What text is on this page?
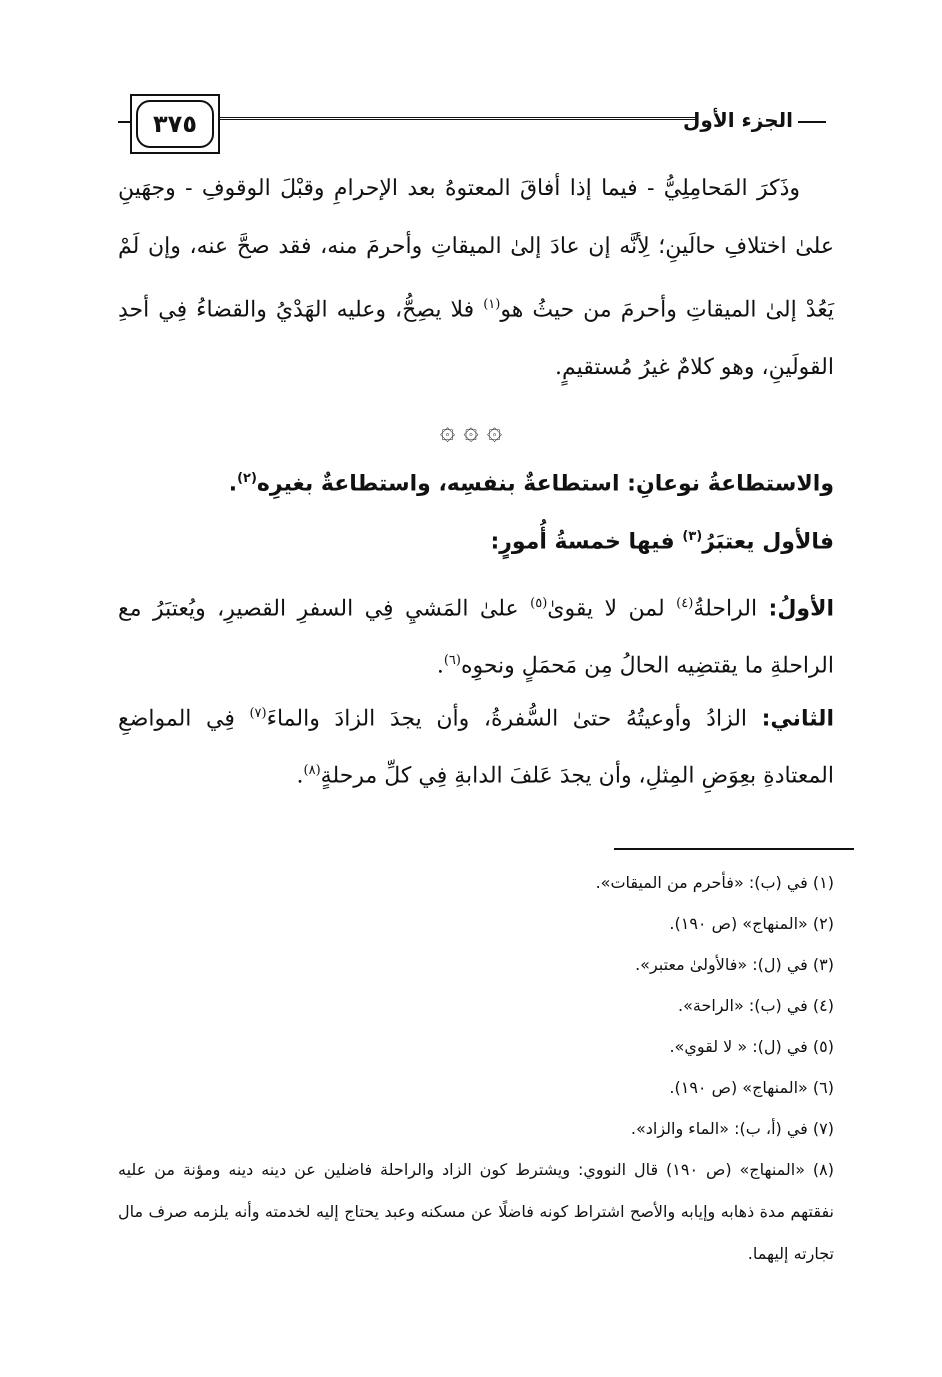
٣٧٥	الجزء الأول

وذَكرَ المَحامِلِيُّ - فيما إذا أفاقَ المعتوهُ بعد الإحرامِ وقبْلَ الوقوفِ - وجهَينِ علىٰ اختلافِ حالَينِ؛ لِأنَّه إن عادَ إلىٰ الميقاتِ وأحرمَ منه، فقد صحَّ عنه، وإن لَمْ يَعُدْ إلىٰ الميقاتِ وأحرمَ من حيثُ هو$^{(١)}$ فلا يصِحُّ، وعليه الهَدْيُ والقضاءُ فِي أحدِ القولَينِ، وهو كلامٌ غيرُ مُستقيمٍ.

۞ ۞ ۞
والاستطاعةُ نوعانِ: استطاعةٌ بنفسِه، واستطاعةٌ بغيرِه$^{(٢)}$.
فالأول يعتبَرُ$^{(٣)}$ فيها خمسةُ أُمورٍ:
الأولُ: الراحلةُ$^{(٤)}$ لمن لا يقوىٰ$^{(٥)}$ علىٰ المَشيِ فِي السفرِ القصيرِ، ويُعتبَرُ مع الراحلةِ ما يقتضِيه الحالُ مِن مَحمَلٍ ونحوِه$^{(٦)}$.
الثاني: الزادُ وأوعيتُهُ حتىٰ السُّفرةُ، وأن يجدَ الزادَ والماءَ$^{(٧)}$ فِي المواضعِ المعتادةِ بعِوَضِ المِثلِ، وأن يجدَ عَلفَ الدابةِ فِي كلِّ مرحلةٍ$^{(٨)}$.
(١) في (ب): «فأحرم من الميقات».
(٢) «المنهاج» (ص ١٩٠).
(٣) في (ل): «فالأولىٰ معتبر».
(٤) في (ب): «الراحة».
(٥) في (ل): « لا لقوي».
(٦) «المنهاج» (ص ١٩٠).
(٧) في (أ، ب): «الماء والزاد».
(٨) «المنهاج» (ص ١٩٠) قال النووي: ويشترط كون الزاد والراحلة فاضلين عن دينه دينه ومؤنة من عليه نفقتهم مدة ذهابه وإيابه والأصح اشتراط كونه فاضلًا عن مسكنه وعبد يحتاج إليه لخدمته وأنه يلزمه صرف مال تجارته إليهما.
